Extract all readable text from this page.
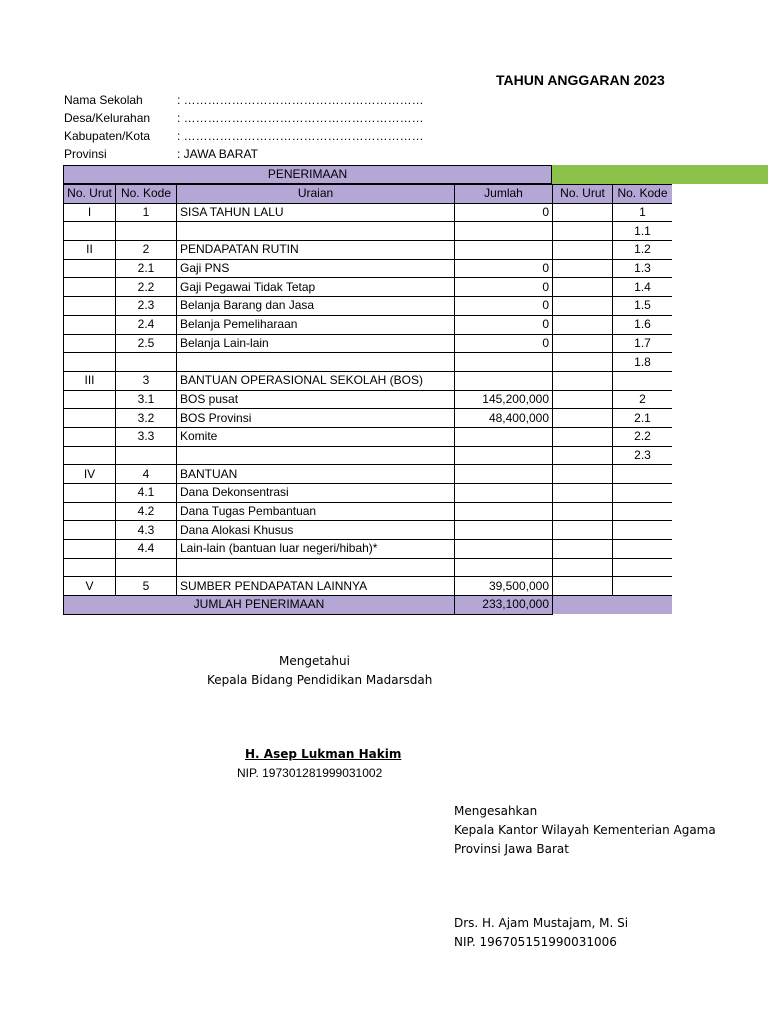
TAHUN ANGGARAN 2023
Nama Sekolah	: ……………………………………………………
Desa/Kelurahan : ……………………………………………………
Kabupaten/Kota : ……………………………………………………
Provinsi	: JAWA BARAT
PENERIMAAN
No. Urut	No. Kode	Uraian	Jumlah	No. Urut	No. Kode
I	1	SISA TAHUN LALU	0		1
					1.1
II	2	PENDAPATAN RUTIN			1.2
	2.1	Gaji PNS	0		1.3
	2.2	Gaji Pegawai Tidak Tetap	0		1.4
	2.3	Belanja Barang dan Jasa	0		1.5
	2.4	Belanja Pemeliharaan	0		1.6
	2.5	Belanja Lain-lain	0		1.7
					1.8
III	3	BANTUAN OPERASIONAL SEKOLAH (BOS)			
	3.1	BOS pusat	145,200,000		2
	3.2	BOS Provinsi	48,400,000		2.1
	3.3	Komite			2.2
					2.3
IV	4	BANTUAN			
	4.1	Dana Dekonsentrasi			
	4.2	Dana Tugas Pembantuan			
	4.3	Dana Alokasi Khusus			
	4.4	Lain-lain (bantuan luar negeri/hibah)*			

V	5	SUMBER PENDAPATAN LAINNYA	39,500,000		
JUMLAH PENERIMAAN			233,100,000		
Mengetahui
Kepala Bidang Pendidikan Madarsdah
H. Asep Lukman Hakim
NIP. 197301281999031002
Mengesahkan
Kepala Kantor Wilayah Kementerian Agama
Provinsi Jawa Barat
Drs. H. Ajam Mustajam, M. Si
NIP. 196705151990031006
